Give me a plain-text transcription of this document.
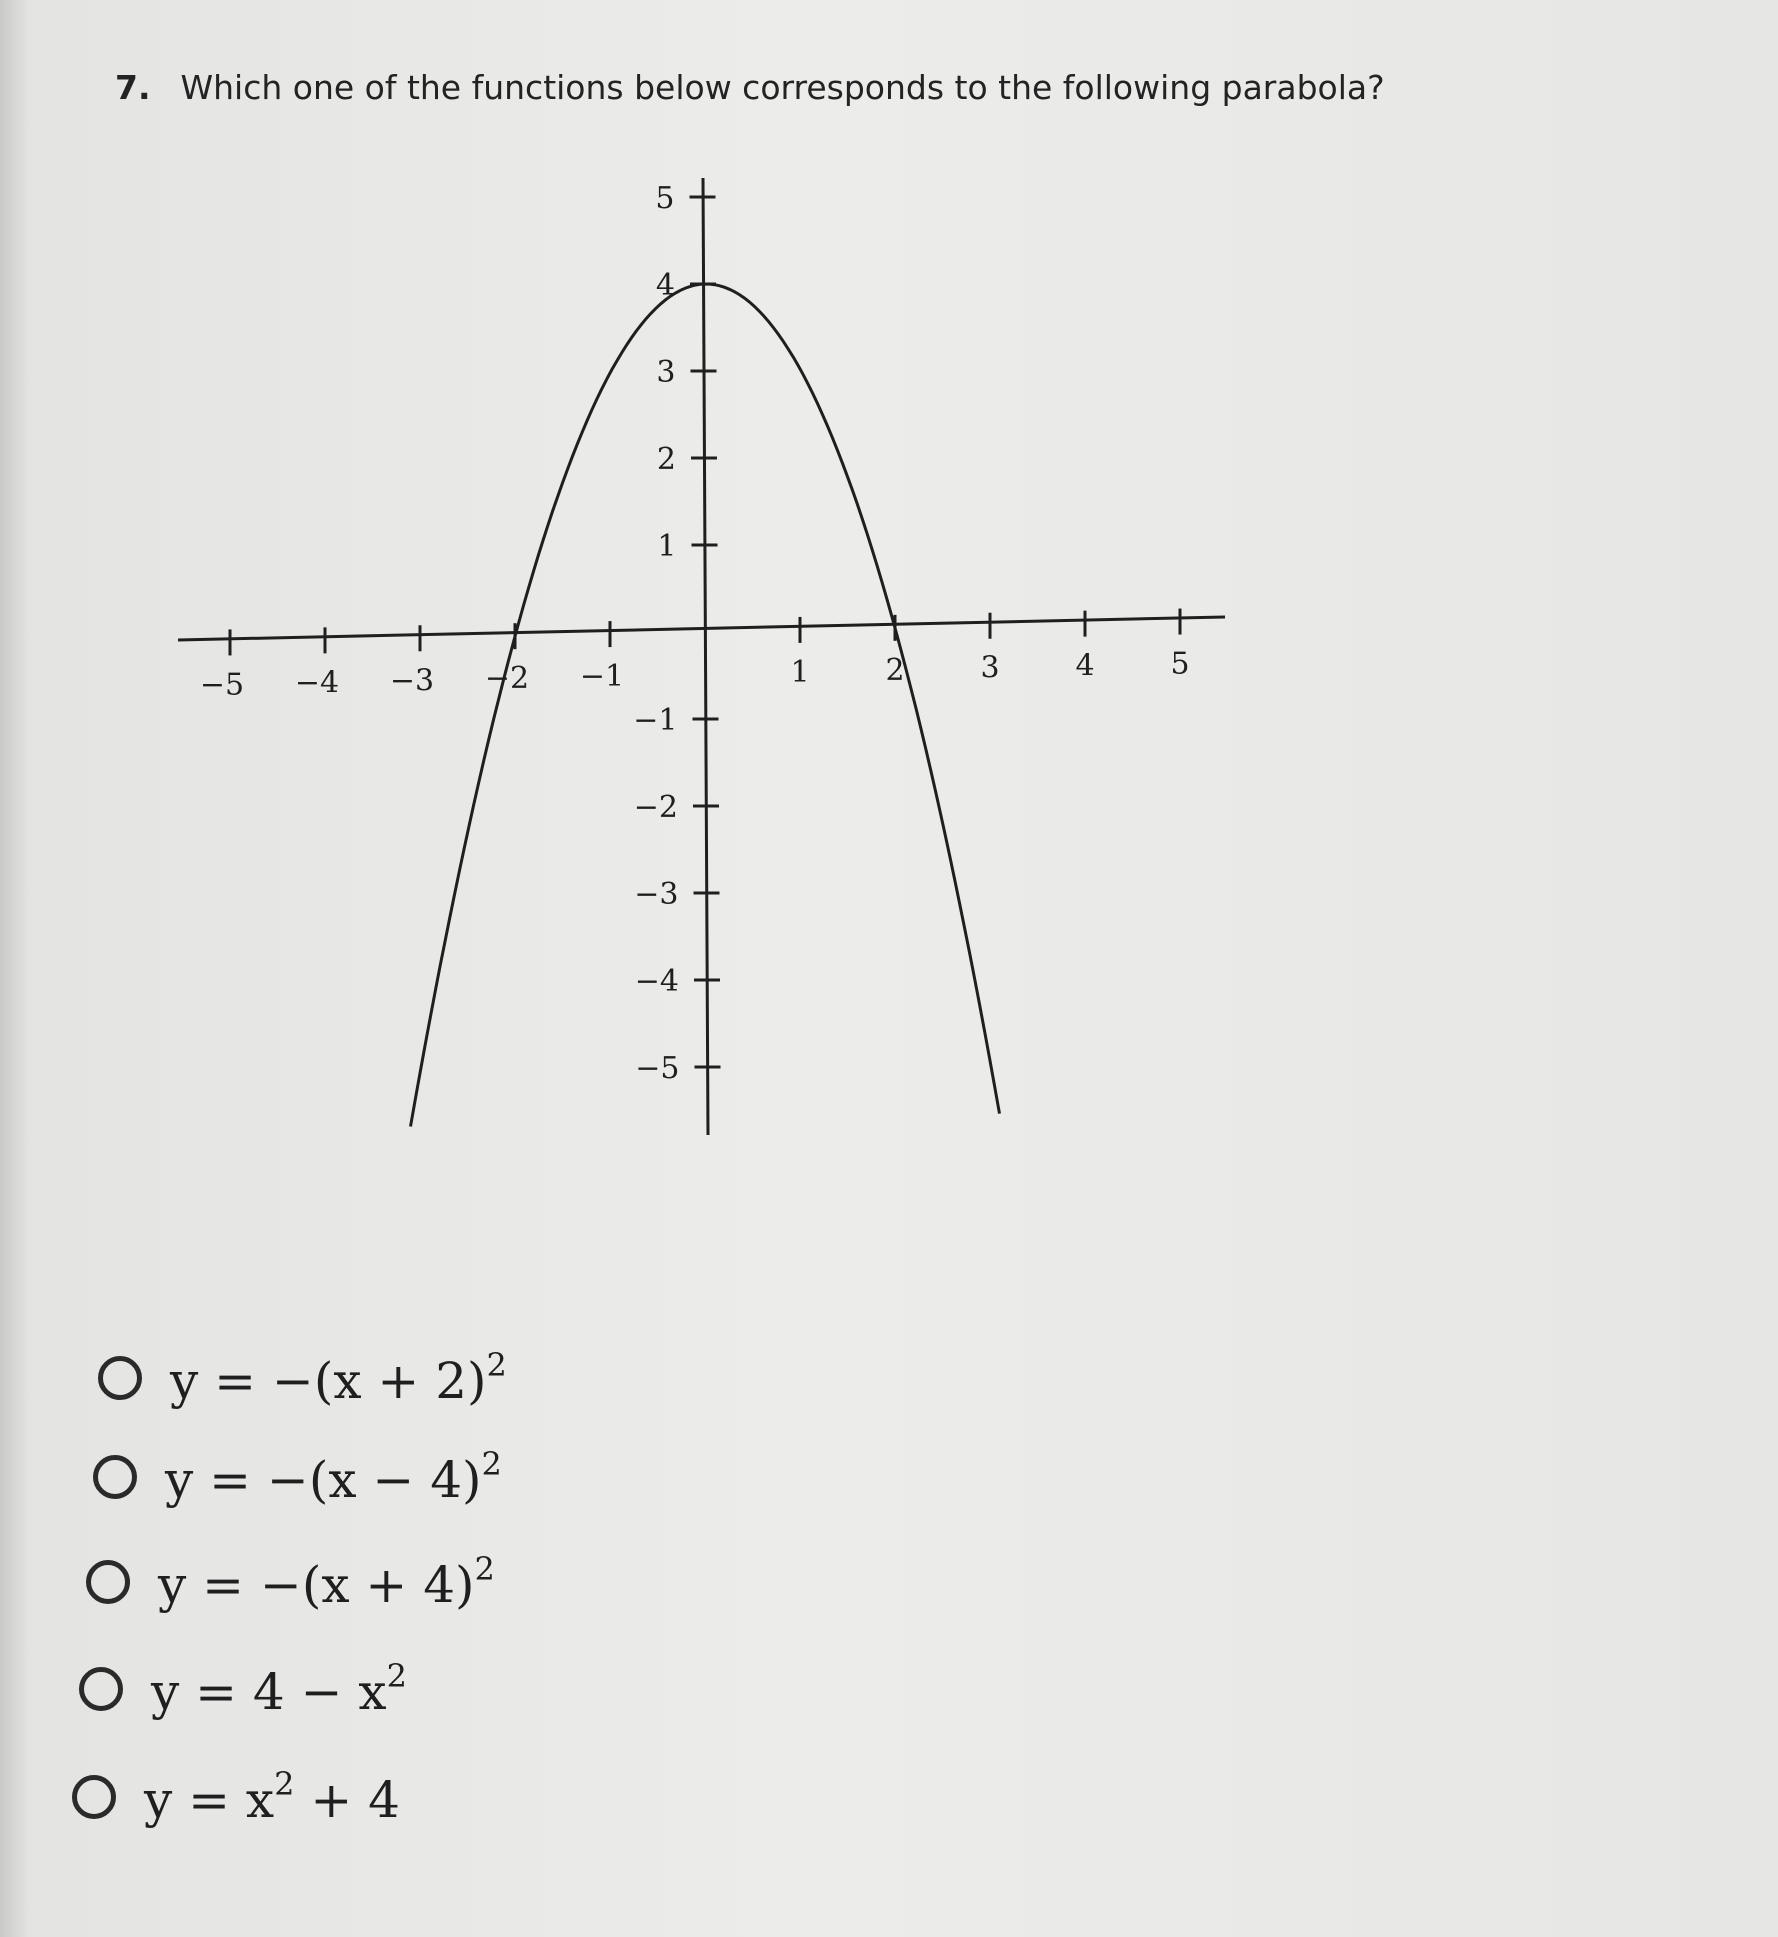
7. Which one of the functions below corresponds to the following parabola?
−5 −4 −3 −2 −1	1	2	3	4	5
5
4
3
2
1
−1
−2
−3
−4
−5
$y = -(x + 2)^2$
$y = -(x - 4)^2$
$y = -(x + 4)^2$
$y = 4 - x^2$
$y = x^2 + 4$
